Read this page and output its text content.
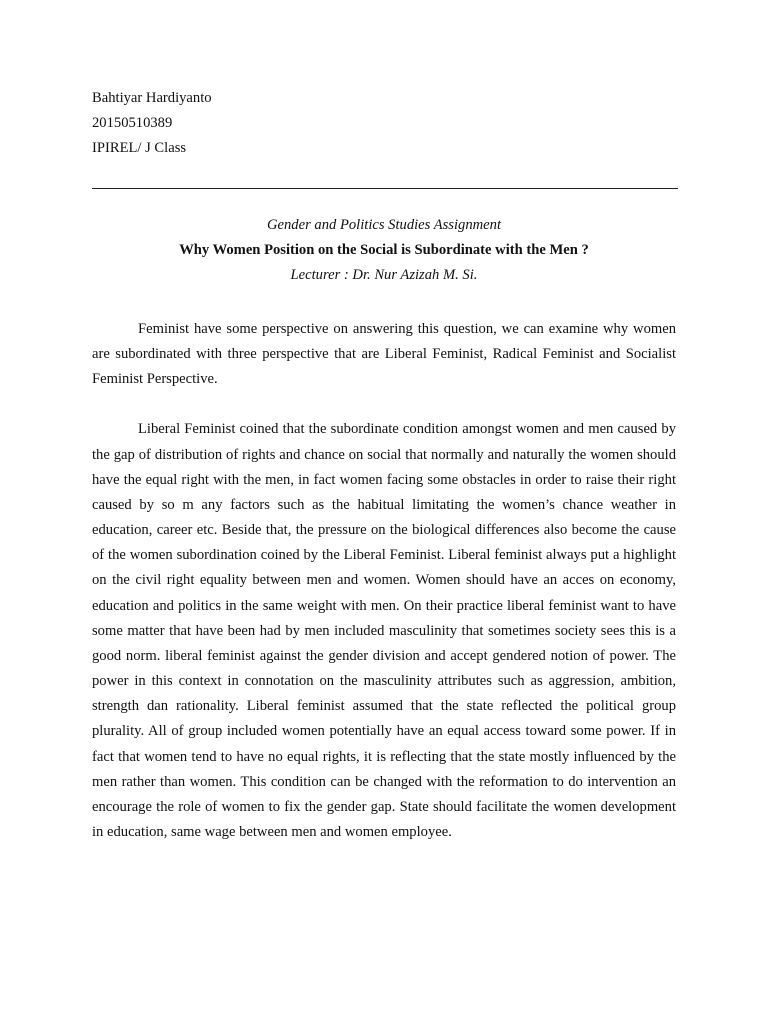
Bahtiyar Hardiyanto
20150510389
IPIREL/ J Class
Gender and Politics Studies Assignment
Why Women Position on the Social is Subordinate with the Men ?
Lecturer : Dr. Nur Azizah M. Si.

Feminist have some perspective on answering this question, we can examine why women are subordinated with three perspective that are Liberal Feminist, Radical Feminist and Socialist Feminist Perspective.

Liberal Feminist coined that the subordinate condition amongst women and men caused by the gap of distribution of rights and chance on social that normally and naturally the women should have the equal right with the men, in fact women facing some obstacles in order to raise their right caused by so m any factors such as the habitual limitating the women’s chance weather in education, career etc. Beside that, the pressure on the biological differences also become the cause of the women subordination coined by the Liberal Feminist. Liberal feminist always put a highlight on the civil right equality between men and women. Women should have an acces on economy, education and politics in the same weight with men. On their practice liberal feminist want to have some matter that have been had by men included masculinity that sometimes society sees this is a good norm. liberal feminist against the gender division and accept gendered notion of power. The power in this context in connotation on the masculinity attributes such as aggression, ambition, strength dan rationality. Liberal feminist assumed that the state reflected the political group plurality. All of group included women potentially have an equal access toward some power. If in fact that women tend to have no equal rights, it is reflecting that the state mostly influenced by the men rather than women. This condition can be changed with the reformation to do intervention an encourage the role of women to fix the gender gap. State should facilitate the women development in education, same wage between men and women employee.
